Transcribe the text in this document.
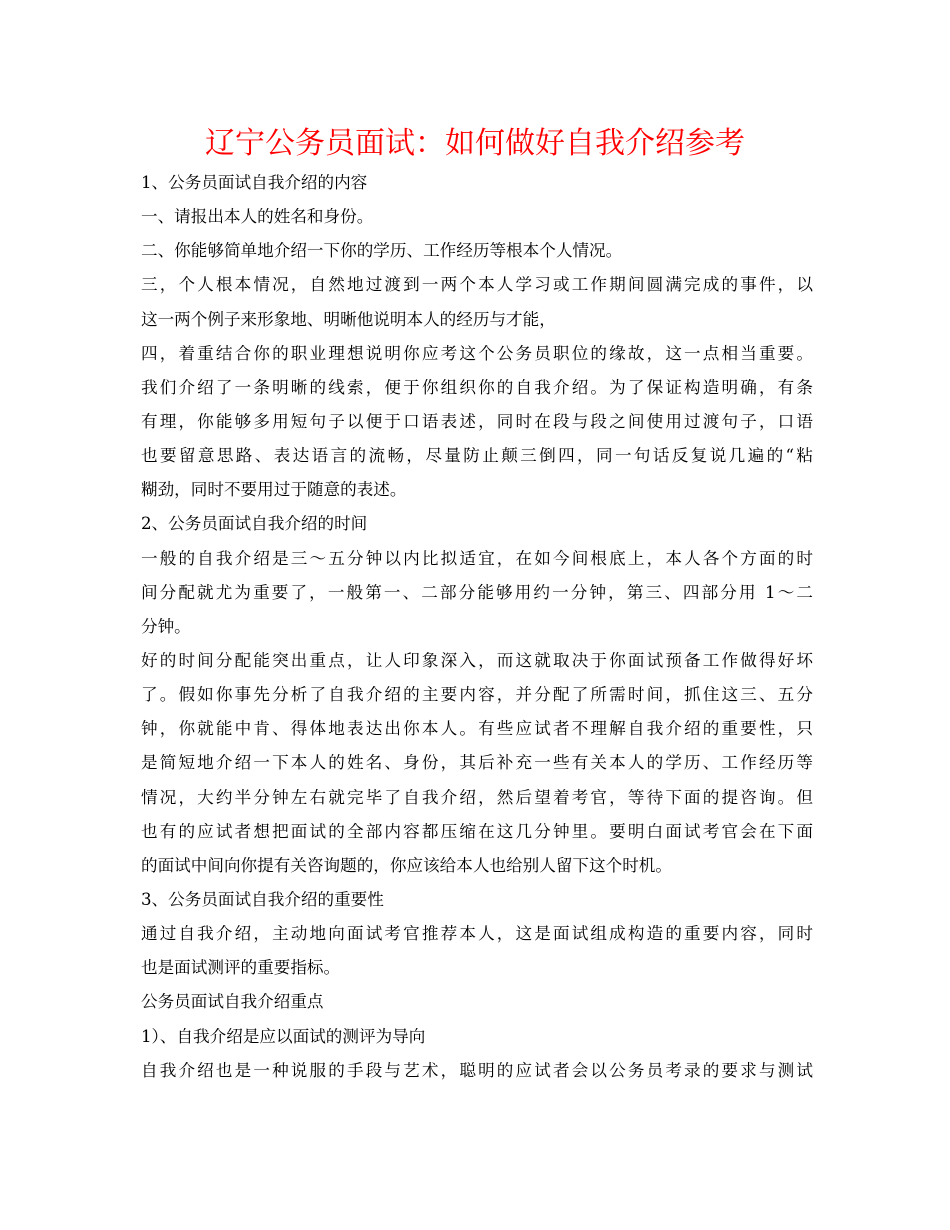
辽宁公务员面试：如何做好自我介绍参考
1、公务员面试自我介绍的内容
一、请报出本人的姓名和身份。
二、你能够简单地介绍一下你的学历、工作经历等根本个人情况。
三，个人根本情况，自然地过渡到一两个本人学习或工作期间圆满完成的事件，以
这一两个例子来形象地、明晰他说明本人的经历与才能，
四，着重结合你的职业理想说明你应考这个公务员职位的缘故，这一点相当重要。
我们介绍了一条明晰的线索，便于你组织你的自我介绍。为了保证构造明确，有条
有理，你能够多用短句子以便于口语表述，同时在段与段之间使用过渡句子，口语
也要留意思路、表达语言的流畅，尽量防止颠三倒四，同一句话反复说几遍的“粘
糊劲，同时不要用过于随意的表述。
2、公务员面试自我介绍的时间
一般的自我介绍是三～五分钟以内比拟适宜，在如今间根底上，本人各个方面的时
间分配就尤为重要了，一般第一、二部分能够用约一分钟，第三、四部分用 1～二
分钟。
好的时间分配能突出重点，让人印象深入，而这就取决于你面试预备工作做得好坏
了。假如你事先分析了自我介绍的主要内容，并分配了所需时间，抓住这三、五分
钟，你就能中肯、得体地表达出你本人。有些应试者不理解自我介绍的重要性，只
是简短地介绍一下本人的姓名、身份，其后补充一些有关本人的学历、工作经历等
情况，大约半分钟左右就完毕了自我介绍，然后望着考官，等待下面的提咨询。但
也有的应试者想把面试的全部内容都压缩在这几分钟里。要明白面试考官会在下面
的面试中间向你提有关咨询题的，你应该给本人也给别人留下这个时机。
3、公务员面试自我介绍的重要性
通过自我介绍，主动地向面试考官推荐本人，这是面试组成构造的重要内容，同时
也是面试测评的重要指标。
公务员面试自我介绍重点
1）、自我介绍是应以面试的测评为导向
自我介绍也是一种说服的手段与艺术，聪明的应试者会以公务员考录的要求与测试
